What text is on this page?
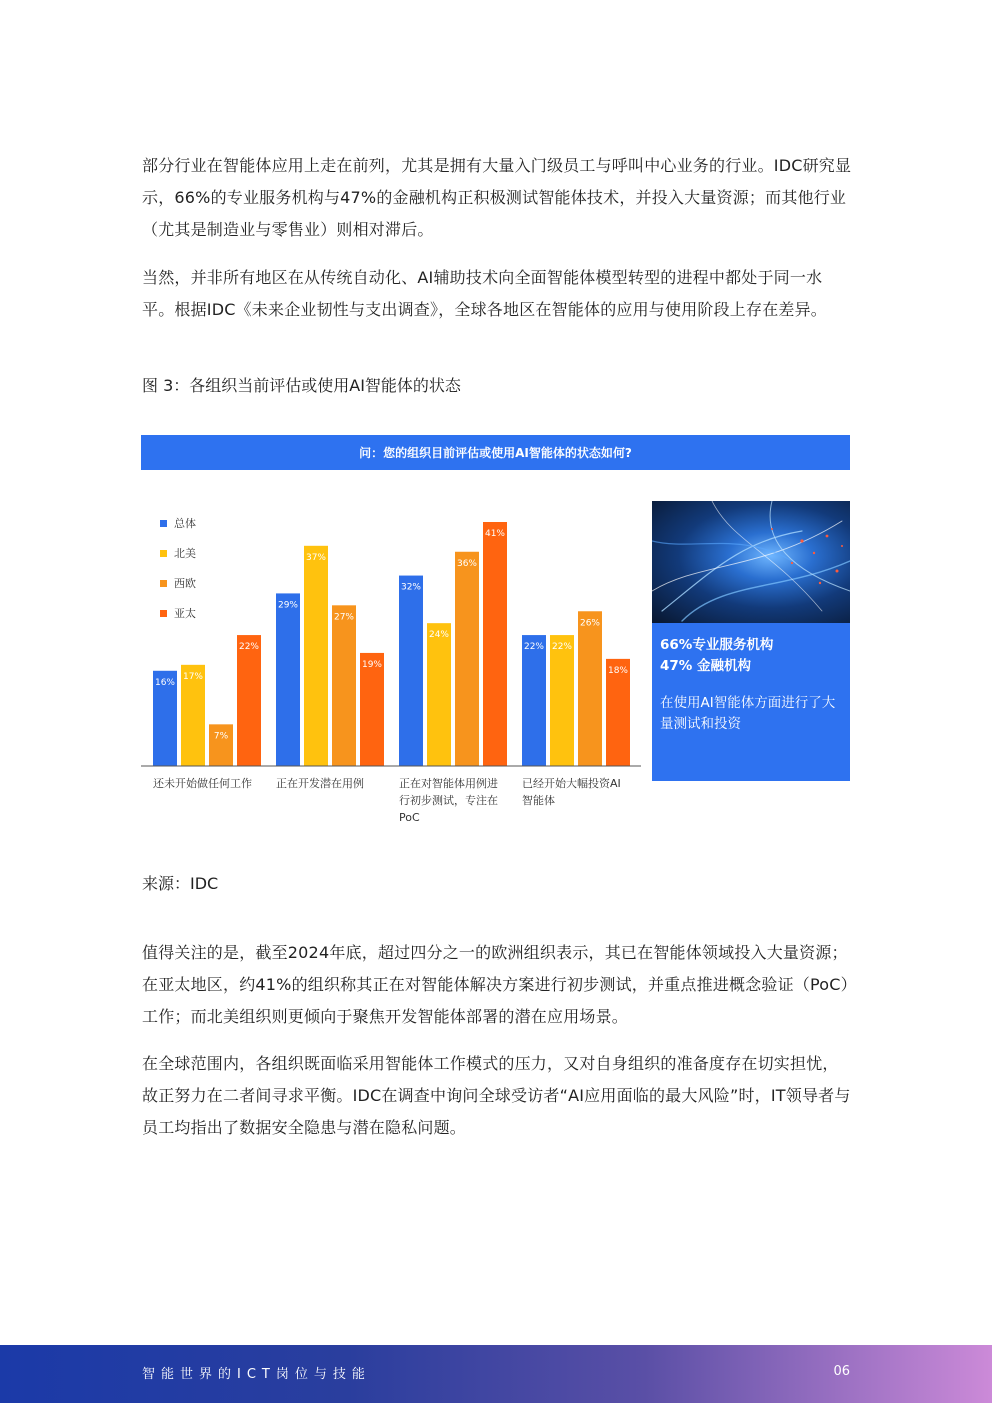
部分行业在智能体应用上走在前列，尤其是拥有大量入门级员工与呼叫中心业务的行业。IDC研究显示，66%的专业服务机构与47%的金融机构正积极测试智能体技术，并投入大量资源；而其他行业（尤其是制造业与零售业）则相对滞后。

当然，并非所有地区在从传统自动化、AI辅助技术向全面智能体模型转型的进程中都处于同一水平。根据IDC《未来企业韧性与支出调查》，全球各地区在智能体的应用与使用阶段上存在差异。

图 3：各组织当前评估或使用AI智能体的状态
问：您的组织目前评估或使用AI智能体的状态如何?
16%
29%
32%
22%
17%
37%
24%
22%
7%
27%
36%
26%
22%
19%
41%
18%
还未开始做任何工作 正在开发潜在用例	正在对智能体用例进
行初步测试，专注在
PoC
已经开始大幅投资AI
智能体
总体
北美
西欧
亚太
66%专业服务机构
47% 金融机构
在使用AI智能体方面进行了大量测试和投资
来源：IDC

值得关注的是，截至2024年底，超过四分之一的欧洲组织表示，其已在智能体领域投入大量资源；在亚太地区，约41%的组织称其正在对智能体解决方案进行初步测试，并重点推进概念验证（PoC）工作；而北美组织则更倾向于聚焦开发智能体部署的潜在应用场景。

在全球范围内，各组织既面临采用智能体工作模式的压力，又对自身组织的准备度存在切实担忧，故正努力在二者间寻求平衡。IDC在调查中询问全球受访者“AI应用面临的最大风险”时，IT领导者与员工均指出了数据安全隐患与潜在隐私问题。

智能世界的ICT岗位与技能	06
